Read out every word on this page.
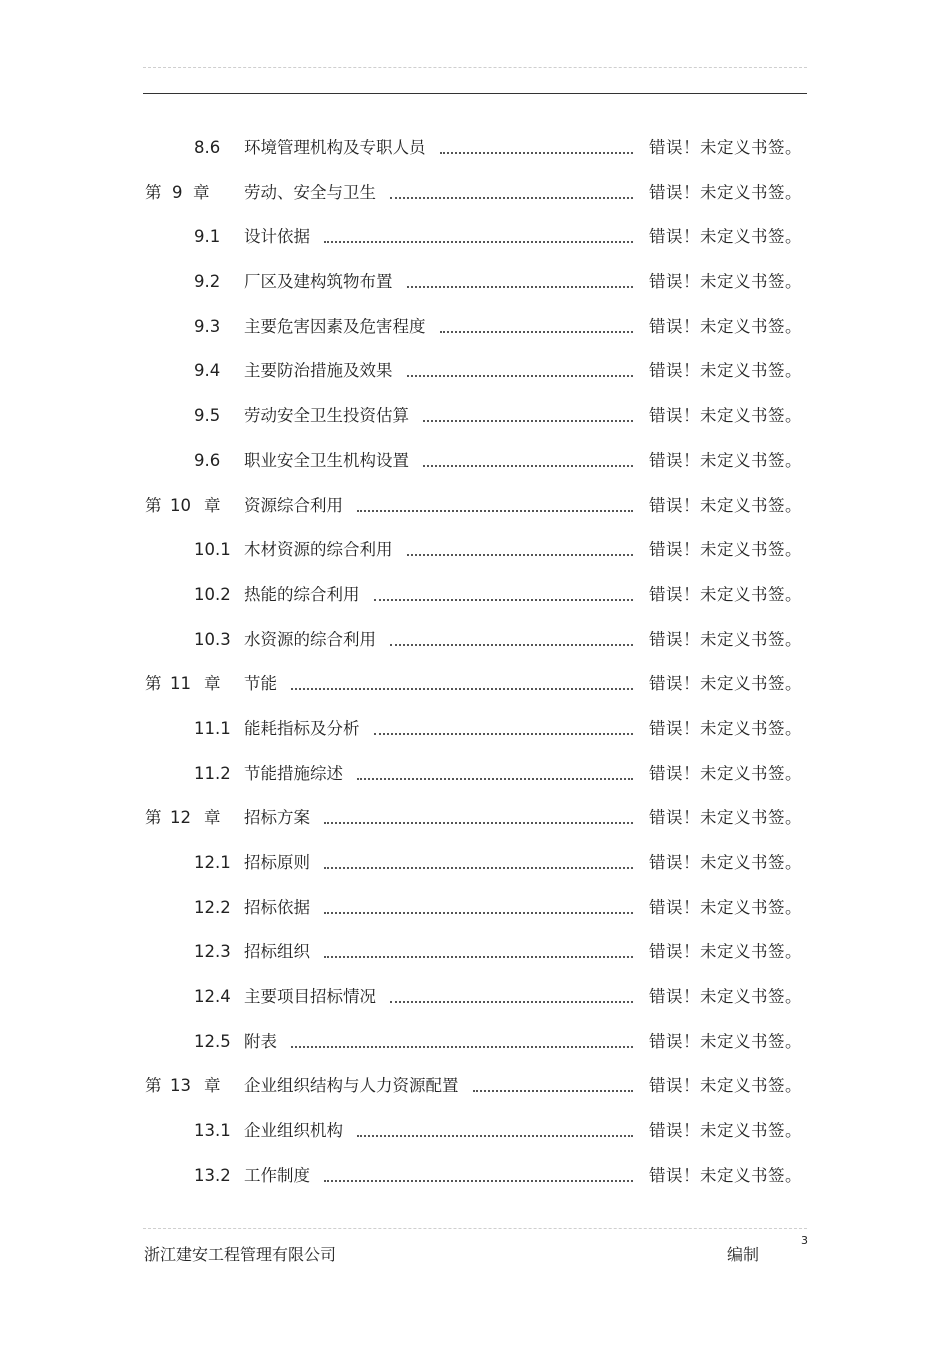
8.6 环境管理机构及专职人员	错误！未定义书签。
第 9 章 劳动、安全与卫生	错误！未定义书签。
9.1 设计依据	错误！未定义书签。
9.2 厂区及建构筑物布置	错误！未定义书签。
9.3 主要危害因素及危害程度	错误！未定义书签。
9.4 主要防治措施及效果	错误！未定义书签。
9.5 劳动安全卫生投资估算	错误！未定义书签。
9.6 职业安全卫生机构设置	错误！未定义书签。
第 10 章 资源综合利用	错误！未定义书签。
10.1 木材资源的综合利用	错误！未定义书签。
10.2 热能的综合利用	错误！未定义书签。
10.3 水资源的综合利用	错误！未定义书签。
第 11 章 节能	错误！未定义书签。
11.1 能耗指标及分析	错误！未定义书签。
11.2 节能措施综述	错误！未定义书签。
第 12 章 招标方案	错误！未定义书签。
12.1 招标原则	错误！未定义书签。
12.2 招标依据	错误！未定义书签。
12.3 招标组织	错误！未定义书签。
12.4 主要项目招标情况	错误！未定义书签。
12.5 附表	错误！未定义书签。
第 13 章 企业组织结构与人力资源配置	错误！未定义书签。
13.1 企业组织机构	错误！未定义书签。
13.2 工作制度	错误！未定义书签。
浙江建安工程管理有限公司	编制
3
